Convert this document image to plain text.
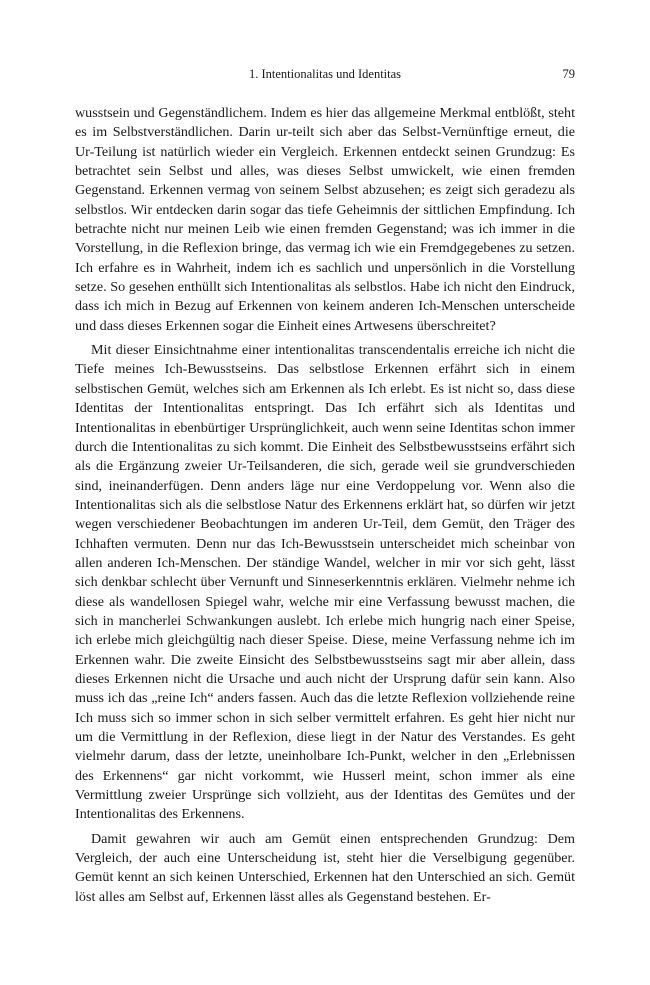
1. Intentionalitas und Identitas	79

wusstsein und Gegenständlichem. Indem es hier das allgemeine Merkmal entblößt, steht es im Selbstverständlichen. Darin ur-teilt sich aber das Selbst-Vernünftige erneut, die Ur-Teilung ist natürlich wieder ein Vergleich. Erkennen entdeckt seinen Grundzug: Es betrachtet sein Selbst und alles, was dieses Selbst umwickelt, wie einen fremden Gegenstand. Erkennen vermag von seinem Selbst abzusehen; es zeigt sich geradezu als selbstlos. Wir entdecken darin sogar das tiefe Geheimnis der sittlichen Empfindung. Ich betrachte nicht nur meinen Leib wie einen fremden Gegenstand; was ich immer in die Vorstellung, in die Reflexion bringe, das vermag ich wie ein Fremdgegebenes zu setzen. Ich erfahre es in Wahrheit, indem ich es sachlich und unpersönlich in die Vorstellung setze. So gesehen enthüllt sich Intentionalitas als selbstlos. Habe ich nicht den Eindruck, dass ich mich in Bezug auf Erkennen von keinem anderen Ich-Menschen unterscheide und dass dieses Erkennen sogar die Einheit eines Artwesens überschreitet?

Mit dieser Einsichtnahme einer intentionalitas transcendentalis erreiche ich nicht die Tiefe meines Ich-Bewusstseins. Das selbstlose Erkennen erfährt sich in einem selbstischen Gemüt, welches sich am Erkennen als Ich erlebt. Es ist nicht so, dass diese Identitas der Intentionalitas entspringt. Das Ich erfährt sich als Identitas und Intentionalitas in ebenbürtiger Ursprünglichkeit, auch wenn seine Identitas schon immer durch die Intentionalitas zu sich kommt. Die Einheit des Selbstbewusstseins erfährt sich als die Ergänzung zweier Ur-Teilsanderen, die sich, gerade weil sie grundverschieden sind, ineinanderfügen. Denn anders läge nur eine Verdoppelung vor. Wenn also die Intentionalitas sich als die selbstlose Natur des Erkennens erklärt hat, so dürfen wir jetzt wegen verschiedener Beobachtungen im anderen Ur-Teil, dem Gemüt, den Träger des Ichhaften vermuten. Denn nur das Ich-Bewusstsein unterscheidet mich scheinbar von allen anderen Ich-Menschen. Der ständige Wandel, welcher in mir vor sich geht, lässt sich denkbar schlecht über Vernunft und Sinneserkenntnis erklären. Vielmehr nehme ich diese als wandellosen Spiegel wahr, welche mir eine Verfassung bewusst machen, die sich in mancherlei Schwankungen auslebt. Ich erlebe mich hungrig nach einer Speise, ich erlebe mich gleichgültig nach dieser Speise. Diese, meine Verfassung nehme ich im Erkennen wahr. Die zweite Einsicht des Selbstbewusstseins sagt mir aber allein, dass dieses Erkennen nicht die Ursache und auch nicht der Ursprung dafür sein kann. Also muss ich das „reine Ich“ anders fassen. Auch das die letzte Reflexion vollziehende reine Ich muss sich so immer schon in sich selber vermittelt erfahren. Es geht hier nicht nur um die Vermittlung in der Reflexion, diese liegt in der Natur des Verstandes. Es geht vielmehr darum, dass der letzte, uneinholbare Ich-Punkt, welcher in den „Erlebnissen des Erkennens“ gar nicht vorkommt, wie Husserl meint, schon immer als eine Vermittlung zweier Ursprünge sich vollzieht, aus der Identitas des Gemütes und der Intentionalitas des Erkennens.

Damit gewahren wir auch am Gemüt einen entsprechenden Grundzug: Dem Vergleich, der auch eine Unterscheidung ist, steht hier die Verselbigung gegenüber. Gemüt kennt an sich keinen Unterschied, Erkennen hat den Unterschied an sich. Gemüt löst alles am Selbst auf, Erkennen lässt alles als Gegenstand bestehen. Er-
